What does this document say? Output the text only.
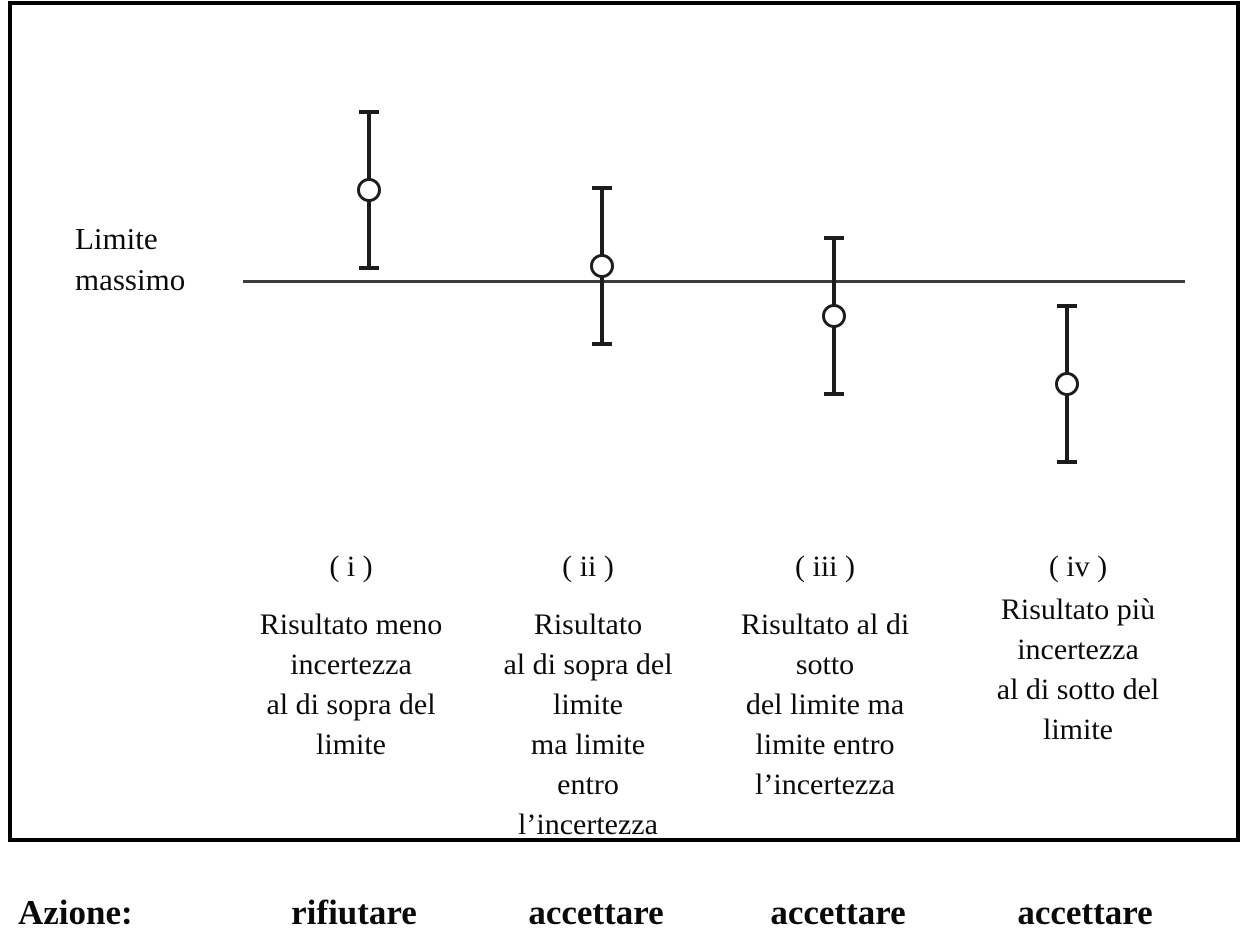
Limite
massimo
( i )
Risultato meno
incertezza
al di sopra del
limite
( ii )
Risultato
al di sopra del
limite
ma limite
entro
l’incertezza
( iii )
Risultato al di
sotto
del limite ma
limite entro
l’incertezza
( iv )
Risultato più
incertezza
al di sotto del
limite
Azione:	rifiutare	accettare	accettare	accettare
